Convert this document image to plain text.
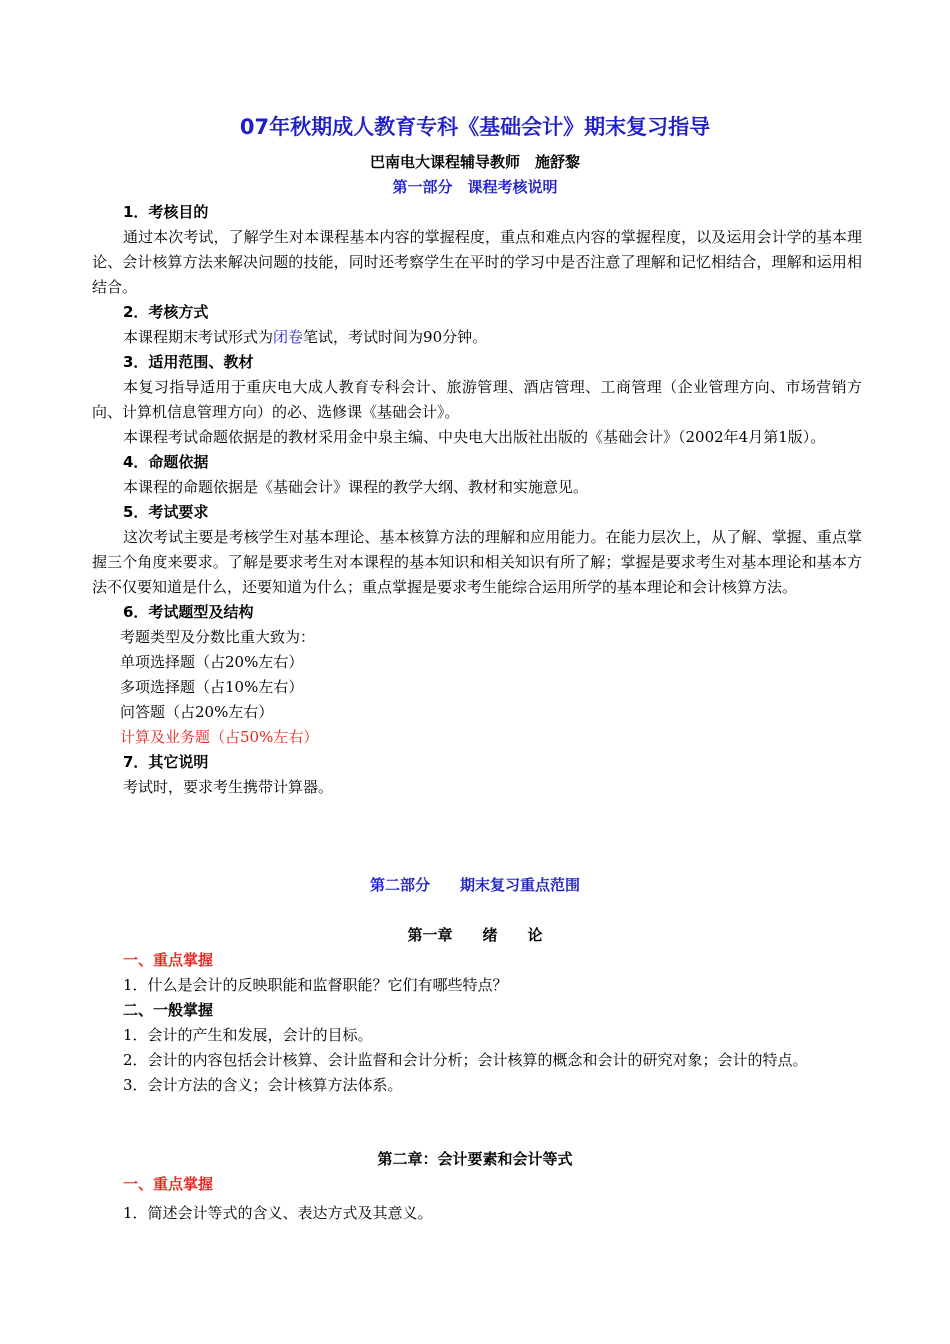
07年秋期成人教育专科《基础会计》期末复习指导
巴南电大课程辅导教师　施舒黎
第一部分　课程考核说明
1．考核目的
通过本次考试，了解学生对本课程基本内容的掌握程度，重点和难点内容的掌握程度，以及运用会计学的基本理论、会计核算方法来解决问题的技能，同时还考察学生在平时的学习中是否注意了理解和记忆相结合，理解和运用相结合。
2．考核方式
本课程期末考试形式为闭卷笔试，考试时间为90分钟。
3．适用范围、教材
本复习指导适用于重庆电大成人教育专科会计、旅游管理、酒店管理、工商管理（企业管理方向、市场营销方向、计算机信息管理方向）的必、选修课《基础会计》。
本课程考试命题依据是的教材采用金中泉主编、中央电大出版社出版的《基础会计》（2002年4月第1版）。
4．命题依据
本课程的命题依据是《基础会计》课程的教学大纲、教材和实施意见。
5．考试要求
这次考试主要是考核学生对基本理论、基本核算方法的理解和应用能力。在能力层次上，从了解、掌握、重点掌握三个角度来要求。了解是要求考生对本课程的基本知识和相关知识有所了解；掌握是要求考生对基本理论和基本方法不仅要知道是什么，还要知道为什么；重点掌握是要求考生能综合运用所学的基本理论和会计核算方法。
6．考试题型及结构
考题类型及分数比重大致为：
单项选择题（占20%左右）
多项选择题（占10%左右）
问答题（占20%左右）
计算及业务题（占50%左右）
7．其它说明
考试时，要求考生携带计算器。
第二部分　　期末复习重点范围
第一章　　绪　　论
一、重点掌握
1．什么是会计的反映职能和监督职能？它们有哪些特点？
二、一般掌握
1．会计的产生和发展，会计的目标。
2．会计的内容包括会计核算、会计监督和会计分析；会计核算的概念和会计的研究对象；会计的特点。
3．会计方法的含义；会计核算方法体系。
第二章：会计要素和会计等式
一、重点掌握
1．简述会计等式的含义、表达方式及其意义。
